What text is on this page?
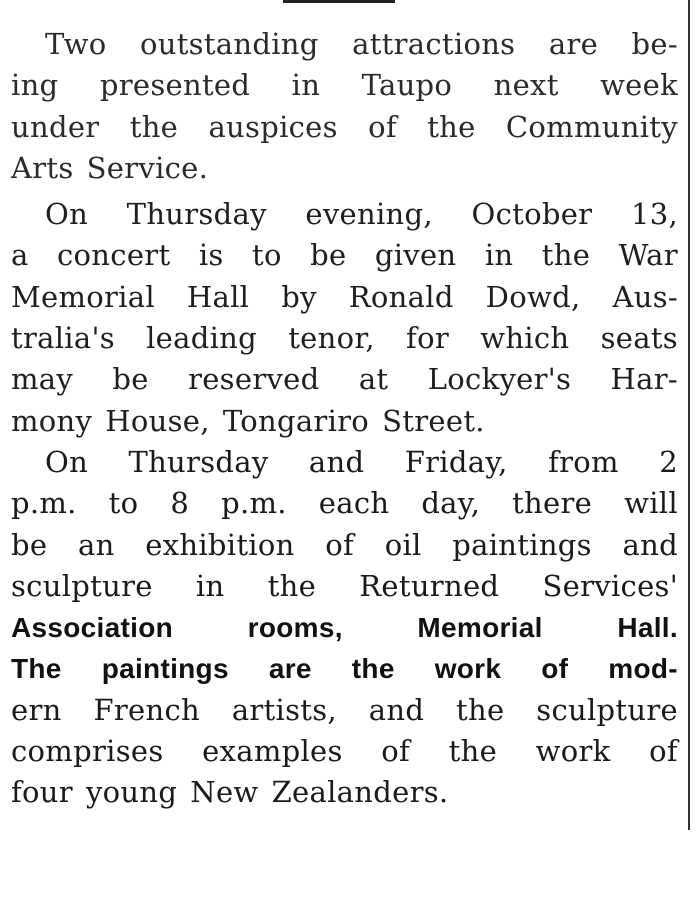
Two outstanding attractions are be-
ing presented in Taupo next week
under the auspices of the Community
Arts Service.
On Thursday evening, October 13,
a concert is to be given in the War
Memorial Hall by Ronald Dowd, Aus-
tralia's leading tenor, for which seats
may be reserved at Lockyer's Har-
mony House, Tongariro Street.
On Thursday and Friday, from 2
p.m. to 8 p.m. each day, there will
be an exhibition of oil paintings and
sculpture in the Returned Services'
Association	rooms,	Memorial	Hall.
The paintings are the work of mod-
ern French artists, and the sculpture
comprises examples of the work of
four young New Zealanders.
